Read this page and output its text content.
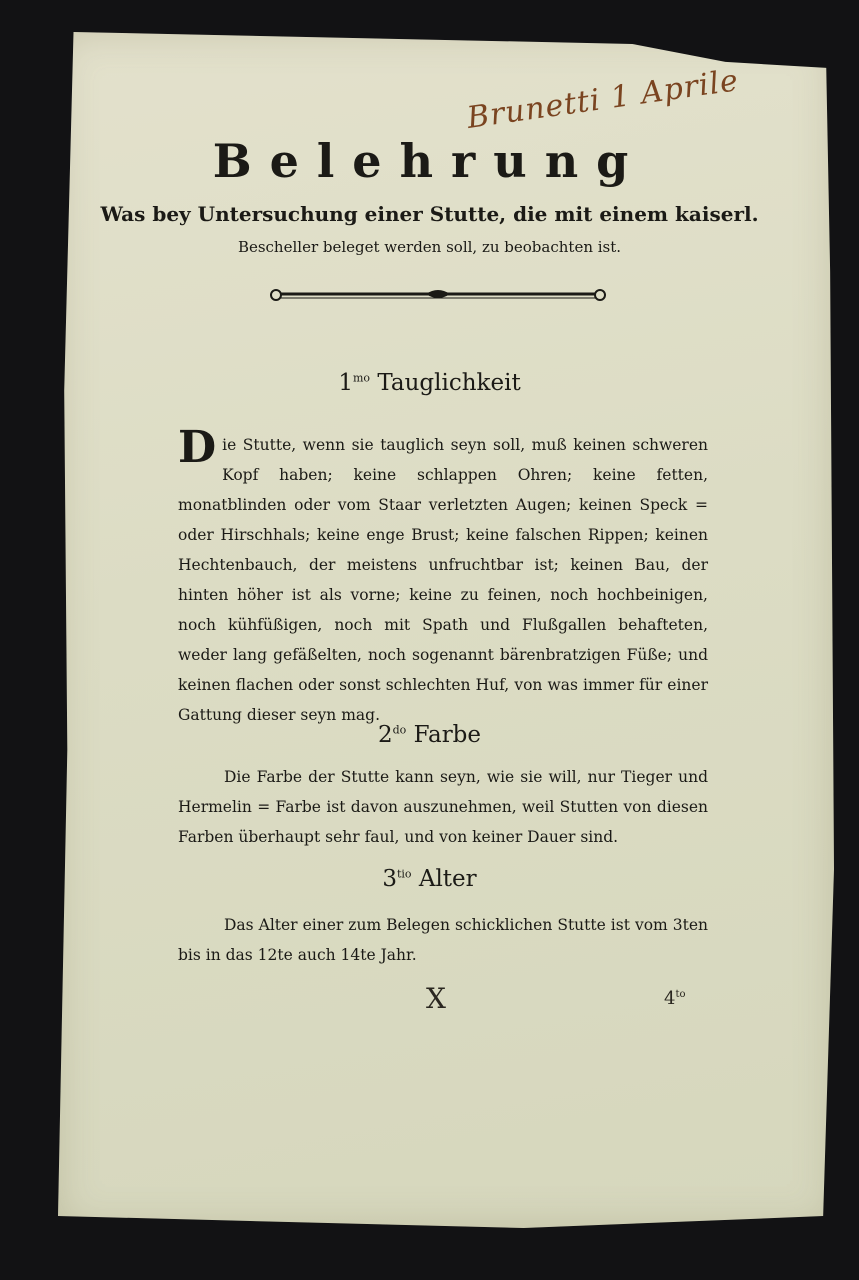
Brunetti 1 Aprile
Belehrung
Was bey Untersuchung einer Stutte, die mit einem kaiserl.
Bescheller beleget werden soll, zu beobachten ist.
$1^{mo}$ Tauglichkeit
Die Stutte, wenn sie tauglich seyn soll, muß keinen schweren Kopf haben; keine schlappen Ohren; keine fetten, monatblinden oder vom Staar verletzten Augen; keinen Speck = oder Hirschhals; keine enge Brust; keine falschen Rippen; keinen Hechtenbauch, der meistens unfruchtbar ist; keinen Bau, der hinten höher ist als vorne; keine zu feinen, noch hochbeinigen, noch kühfüßigen, noch mit Spath und Flußgallen behafteten, weder lang gefäßelten, noch sogenannt bärenbratzigen Füße; und keinen flachen oder sonst schlechten Huf, von was immer für einer Gattung dieser seyn mag.
$2^{do}$ Farbe
Die Farbe der Stutte kann seyn, wie sie will, nur Tieger und Hermelin = Farbe ist davon auszunehmen, weil Stutten von diesen Farben überhaupt sehr faul, und von keiner Dauer sind.
$3^{tio}$ Alter
Das Alter einer zum Belegen schicklichen Stutte ist vom 3ten bis in das 12te auch 14te Jahr.
X	$4^{to}$
